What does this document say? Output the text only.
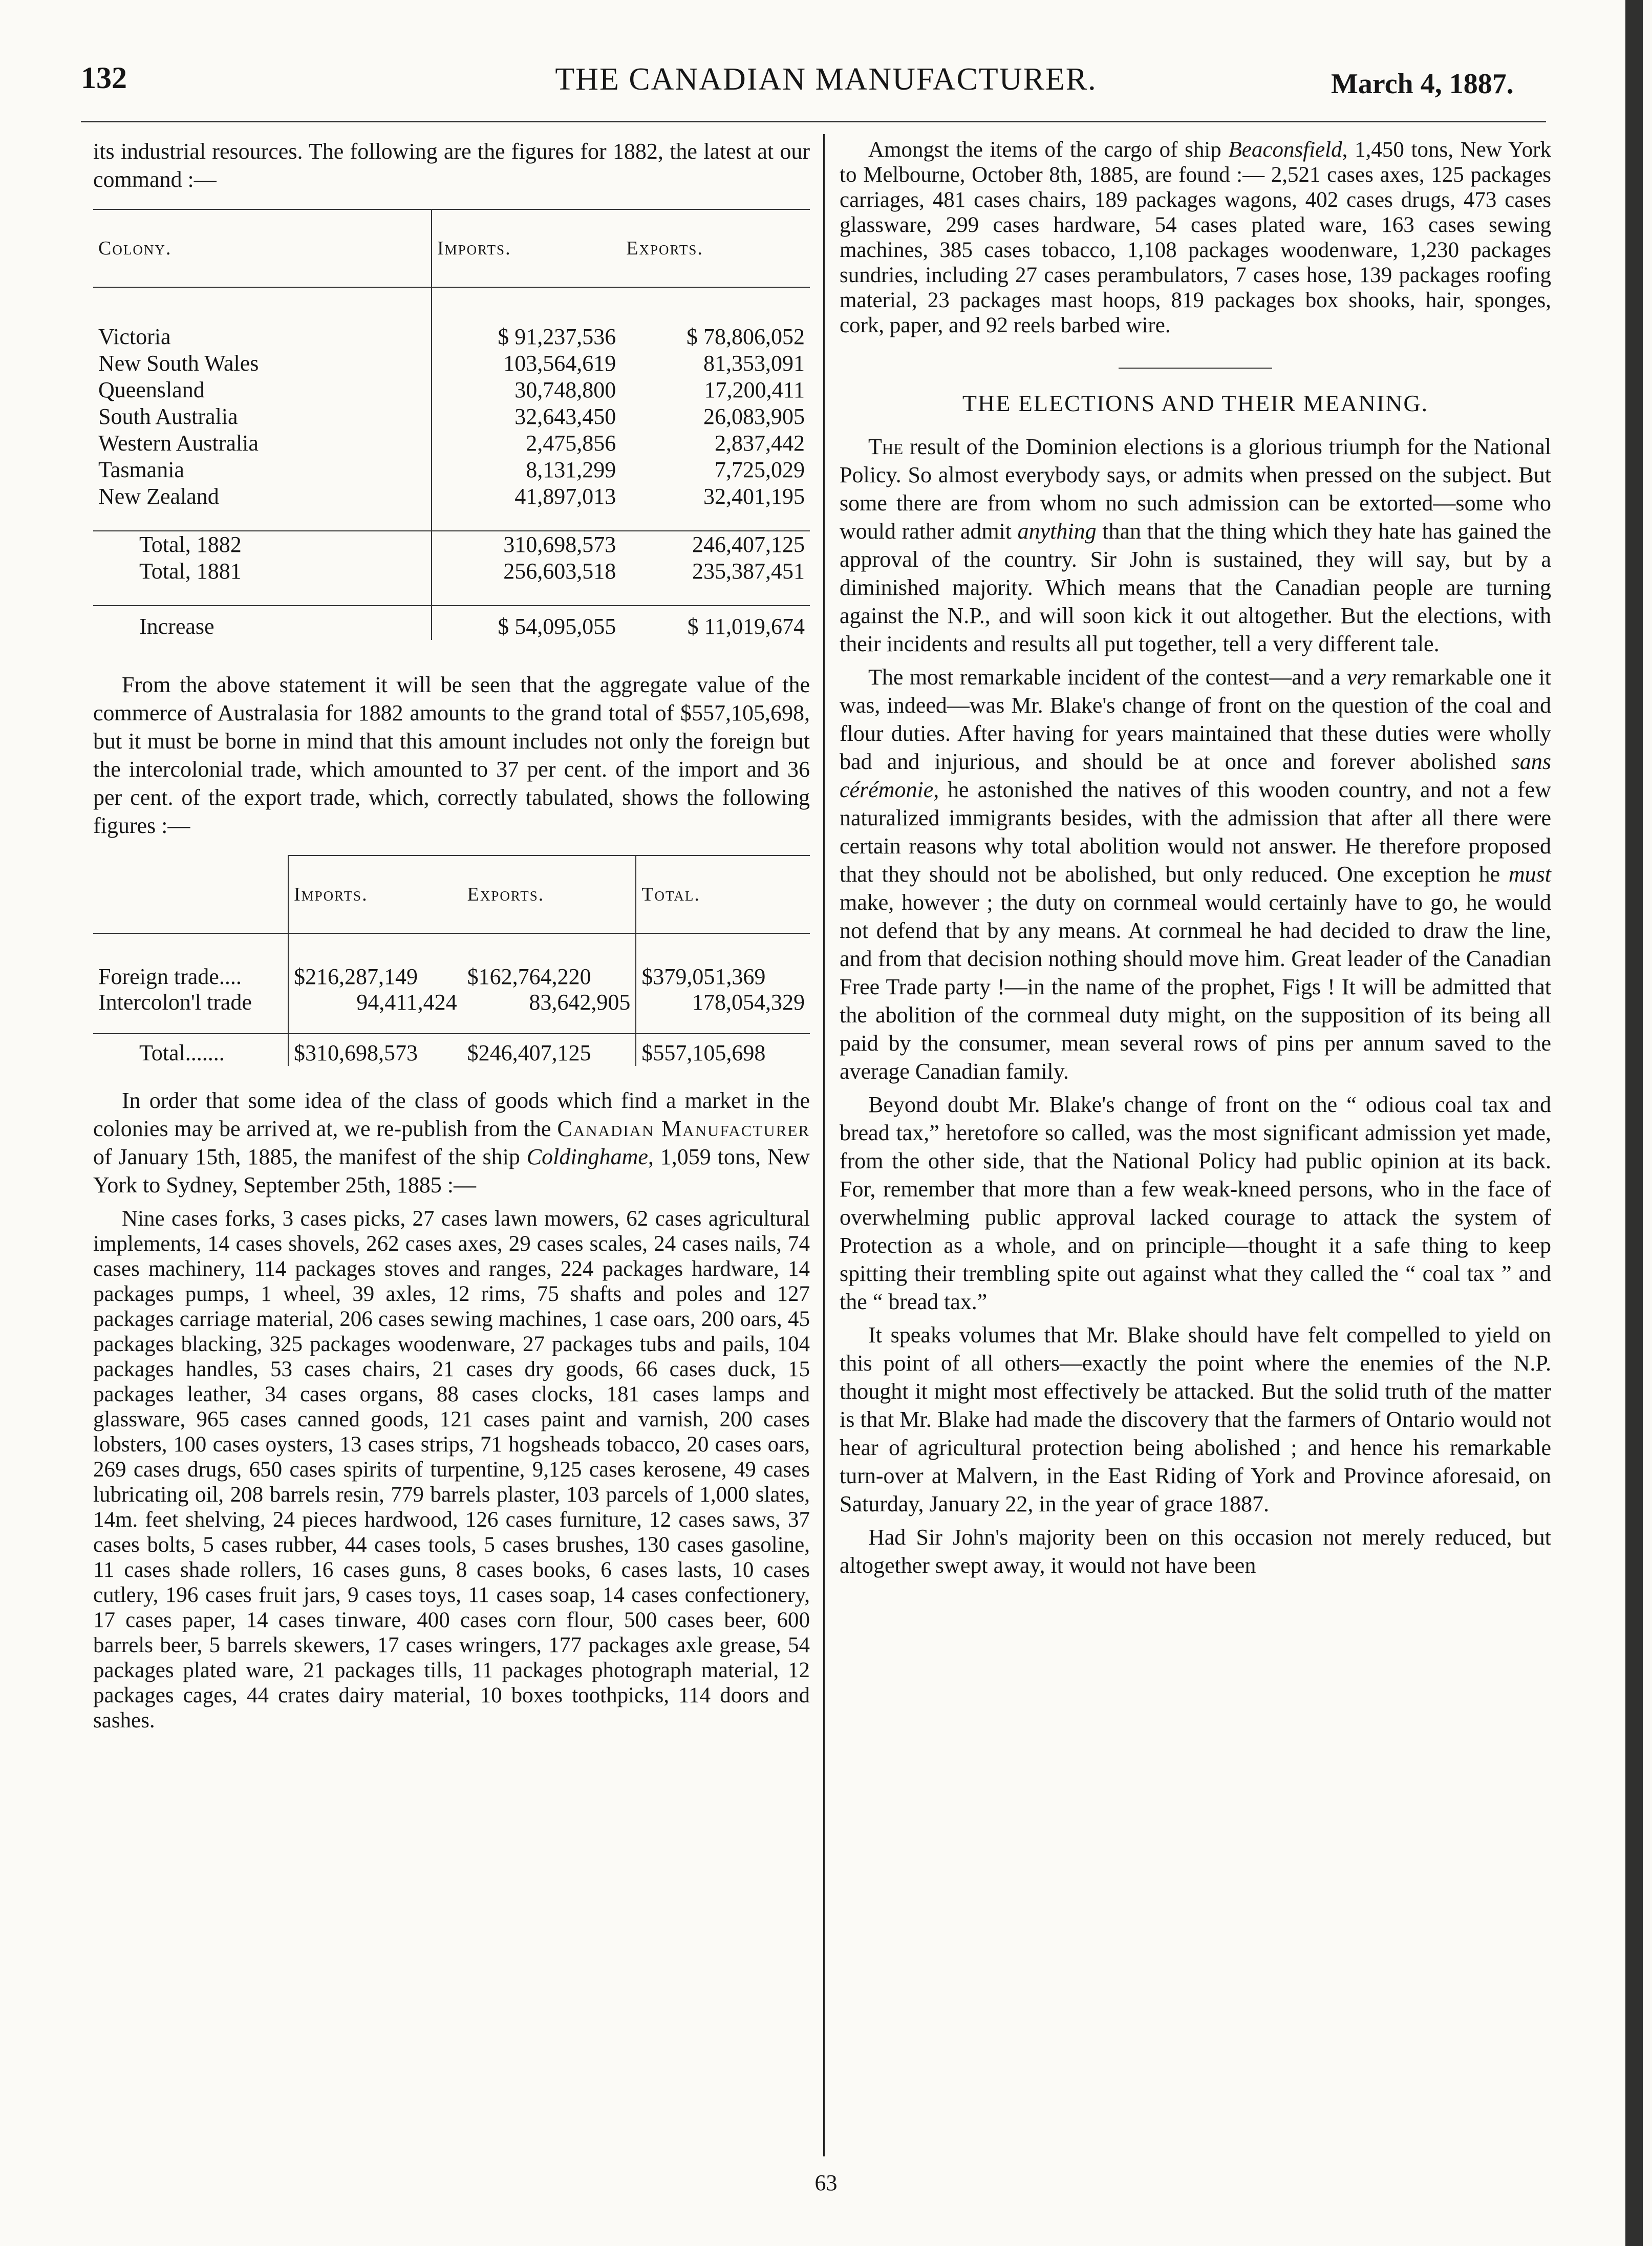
132	THE CANADIAN MANUFACTURER.	March 4, 1887.

its industrial resources. The following are the figures for 1882, the latest at our command :—

Colony.	Imports.	Exports.

Victoria	$ 91,237,536	$ 78,806,052
New South Wales	103,564,619	81,353,091
Queensland	30,748,800	17,200,411
South Australia	32,643,450	26,083,905
Western Australia	2,475,856	2,837,442
Tasmania	8,131,299	7,725,029
New Zealand	41,897,013	32,401,195

Total, 1882	310,698,573	246,407,125
Total, 1881	256,603,518	235,387,451

Increase	$ 54,095,055	$ 11,019,674

From the above statement it will be seen that the aggregate value of the commerce of Australasia for 1882 amounts to the grand total of $557,105,698, but it must be borne in mind that this amount includes not only the foreign but the intercolonial trade, which amounted to 37 per cent. of the import and 36 per cent. of the export trade, which, correctly tabulated, shows the following figures :—

	Imports.	Exports.	Total.

Foreign trade....	$216,287,149	$162,764,220	$379,051,369
Intercolon'l trade	94,411,424	83,642,905	178,054,329

Total.......	$310,698,573	$246,407,125	$557,105,698

In order that some idea of the class of goods which find a market in the colonies may be arrived at, we re-publish from the Canadian Manufacturer of January 15th, 1885, the manifest of the ship Coldinghame, 1,059 tons, New York to Sydney, September 25th, 1885 :—

Nine cases forks, 3 cases picks, 27 cases lawn mowers, 62 cases agricultural implements, 14 cases shovels, 262 cases axes, 29 cases scales, 24 cases nails, 74 cases machinery, 114 packages stoves and ranges, 224 packages hardware, 14 packages pumps, 1 wheel, 39 axles, 12 rims, 75 shafts and poles and 127 packages carriage material, 206 cases sewing machines, 1 case oars, 200 oars, 45 packages blacking, 325 packages woodenware, 27 packages tubs and pails, 104 packages handles, 53 cases chairs, 21 cases dry goods, 66 cases duck, 15 packages leather, 34 cases organs, 88 cases clocks, 181 cases lamps and glassware, 965 cases canned goods, 121 cases paint and varnish, 200 cases lobsters, 100 cases oysters, 13 cases strips, 71 hogsheads tobacco, 20 cases oars, 269 cases drugs, 650 cases spirits of turpentine, 9,125 cases kerosene, 49 cases lubricating oil, 208 barrels resin, 779 barrels plaster, 103 parcels of 1,000 slates, 14m. feet shelving, 24 pieces hardwood, 126 cases furniture, 12 cases saws, 37 cases bolts, 5 cases rubber, 44 cases tools, 5 cases brushes, 130 cases gasoline, 11 cases shade rollers, 16 cases guns, 8 cases books, 6 cases lasts, 10 cases cutlery, 196 cases fruit jars, 9 cases toys, 11 cases soap, 14 cases confectionery, 17 cases paper, 14 cases tinware, 400 cases corn flour, 500 cases beer, 600 barrels beer, 5 barrels skewers, 17 cases wringers, 177 packages axle grease, 54 packages plated ware, 21 packages tills, 11 packages photograph material, 12 packages cages, 44 crates dairy material, 10 boxes toothpicks, 114 doors and sashes.

Amongst the items of the cargo of ship Beaconsfield, 1,450 tons, New York to Melbourne, October 8th, 1885, are found :— 2,521 cases axes, 125 packages carriages, 481 cases chairs, 189 packages wagons, 402 cases drugs, 473 cases glassware, 299 cases hardware, 54 cases plated ware, 163 cases sewing machines, 385 cases tobacco, 1,108 packages woodenware, 1,230 packages sundries, including 27 cases perambulators, 7 cases hose, 139 packages roofing material, 23 packages mast hoops, 819 packages box shooks, hair, sponges, cork, paper, and 92 reels barbed wire.

THE ELECTIONS AND THEIR MEANING.

The result of the Dominion elections is a glorious triumph for the National Policy. So almost everybody says, or admits when pressed on the subject. But some there are from whom no such admission can be extorted—some who would rather admit anything than that the thing which they hate has gained the approval of the country. Sir John is sustained, they will say, but by a diminished majority. Which means that the Canadian people are turning against the N.P., and will soon kick it out altogether. But the elections, with their incidents and results all put together, tell a very different tale.

The most remarkable incident of the contest—and a very remarkable one it was, indeed—was Mr. Blake's change of front on the question of the coal and flour duties. After having for years maintained that these duties were wholly bad and injurious, and should be at once and forever abolished sans cérémonie, he astonished the natives of this wooden country, and not a few naturalized immigrants besides, with the admission that after all there were certain reasons why total abolition would not answer. He therefore proposed that they should not be abolished, but only reduced. One exception he must make, however ; the duty on cornmeal would certainly have to go, he would not defend that by any means. At cornmeal he had decided to draw the line, and from that decision nothing should move him. Great leader of the Canadian Free Trade party !—in the name of the prophet, Figs ! It will be admitted that the abolition of the cornmeal duty might, on the supposition of its being all paid by the consumer, mean several rows of pins per annum saved to the average Canadian family.

Beyond doubt Mr. Blake's change of front on the “ odious coal tax and bread tax,” heretofore so called, was the most significant admission yet made, from the other side, that the National Policy had public opinion at its back. For, remember that more than a few weak-kneed persons, who in the face of overwhelming public approval lacked courage to attack the system of Protection as a whole, and on principle—thought it a safe thing to keep spitting their trembling spite out against what they called the “ coal tax ” and the “ bread tax.”

It speaks volumes that Mr. Blake should have felt compelled to yield on this point of all others—exactly the point where the enemies of the N.P. thought it might most effectively be attacked. But the solid truth of the matter is that Mr. Blake had made the discovery that the farmers of Ontario would not hear of agricultural protection being abolished ; and hence his remarkable turn-over at Malvern, in the East Riding of York and Province aforesaid, on Saturday, January 22, in the year of grace 1887.

Had Sir John's majority been on this occasion not merely reduced, but altogether swept away, it would not have been

63
